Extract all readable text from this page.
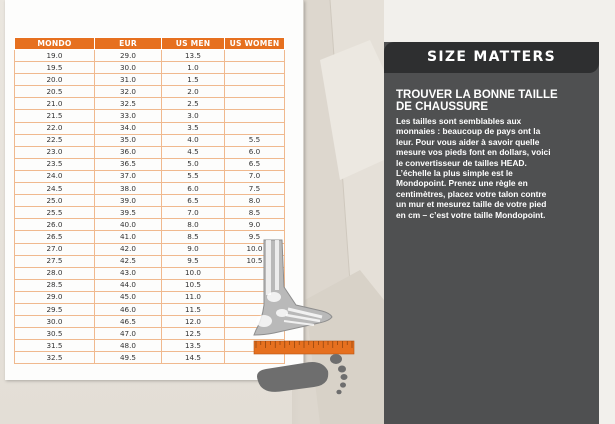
MONDO	EUR	US MEN	US WOMEN
19.0	29.0	13.5	
19.5	30.0	1.0	
20.0	31.0	1.5	
20.5	32.0	2.0	
21.0	32.5	2.5	
21.5	33.0	3.0	
22.0	34.0	3.5	
22.5	35.0	4.0	5.5
23.0	36.0	4.5	6.0
23.5	36.5	5.0	6.5
24.0	37.0	5.5	7.0
24.5	38.0	6.0	7.5
25.0	39.0	6.5	8.0
25.5	39.5	7.0	8.5
26.0	40.0	8.0	9.0
26.5	41.0	8.5	9.5
27.0	42.0	9.0	10.0
27.5	42.5	9.5	10.5
28.0	43.0	10.0	
28.5	44.0	10.5	
29.0	45.0	11.0	
29.5	46.0	11.5	
30.0	46.5	12.0	
30.5	47.0	12.5	
31.5	48.0	13.5	
32.5	49.5	14.5	
SIZE MATTERS
TROUVER LA BONNE TAILLE
DE CHAUSSURE

Les tailles sont semblables aux

monnaies : beaucoup de pays ont la

leur. Pour vous aider à savoir quelle

mesure vos pieds font en dollars, voici

le convertisseur de tailles HEAD.

L’échelle la plus simple est le

Mondopoint. Prenez une règle en

centimètres, placez votre talon contre

un mur et mesurez taille de votre pied

en cm – c’est votre taille Mondopoint.
